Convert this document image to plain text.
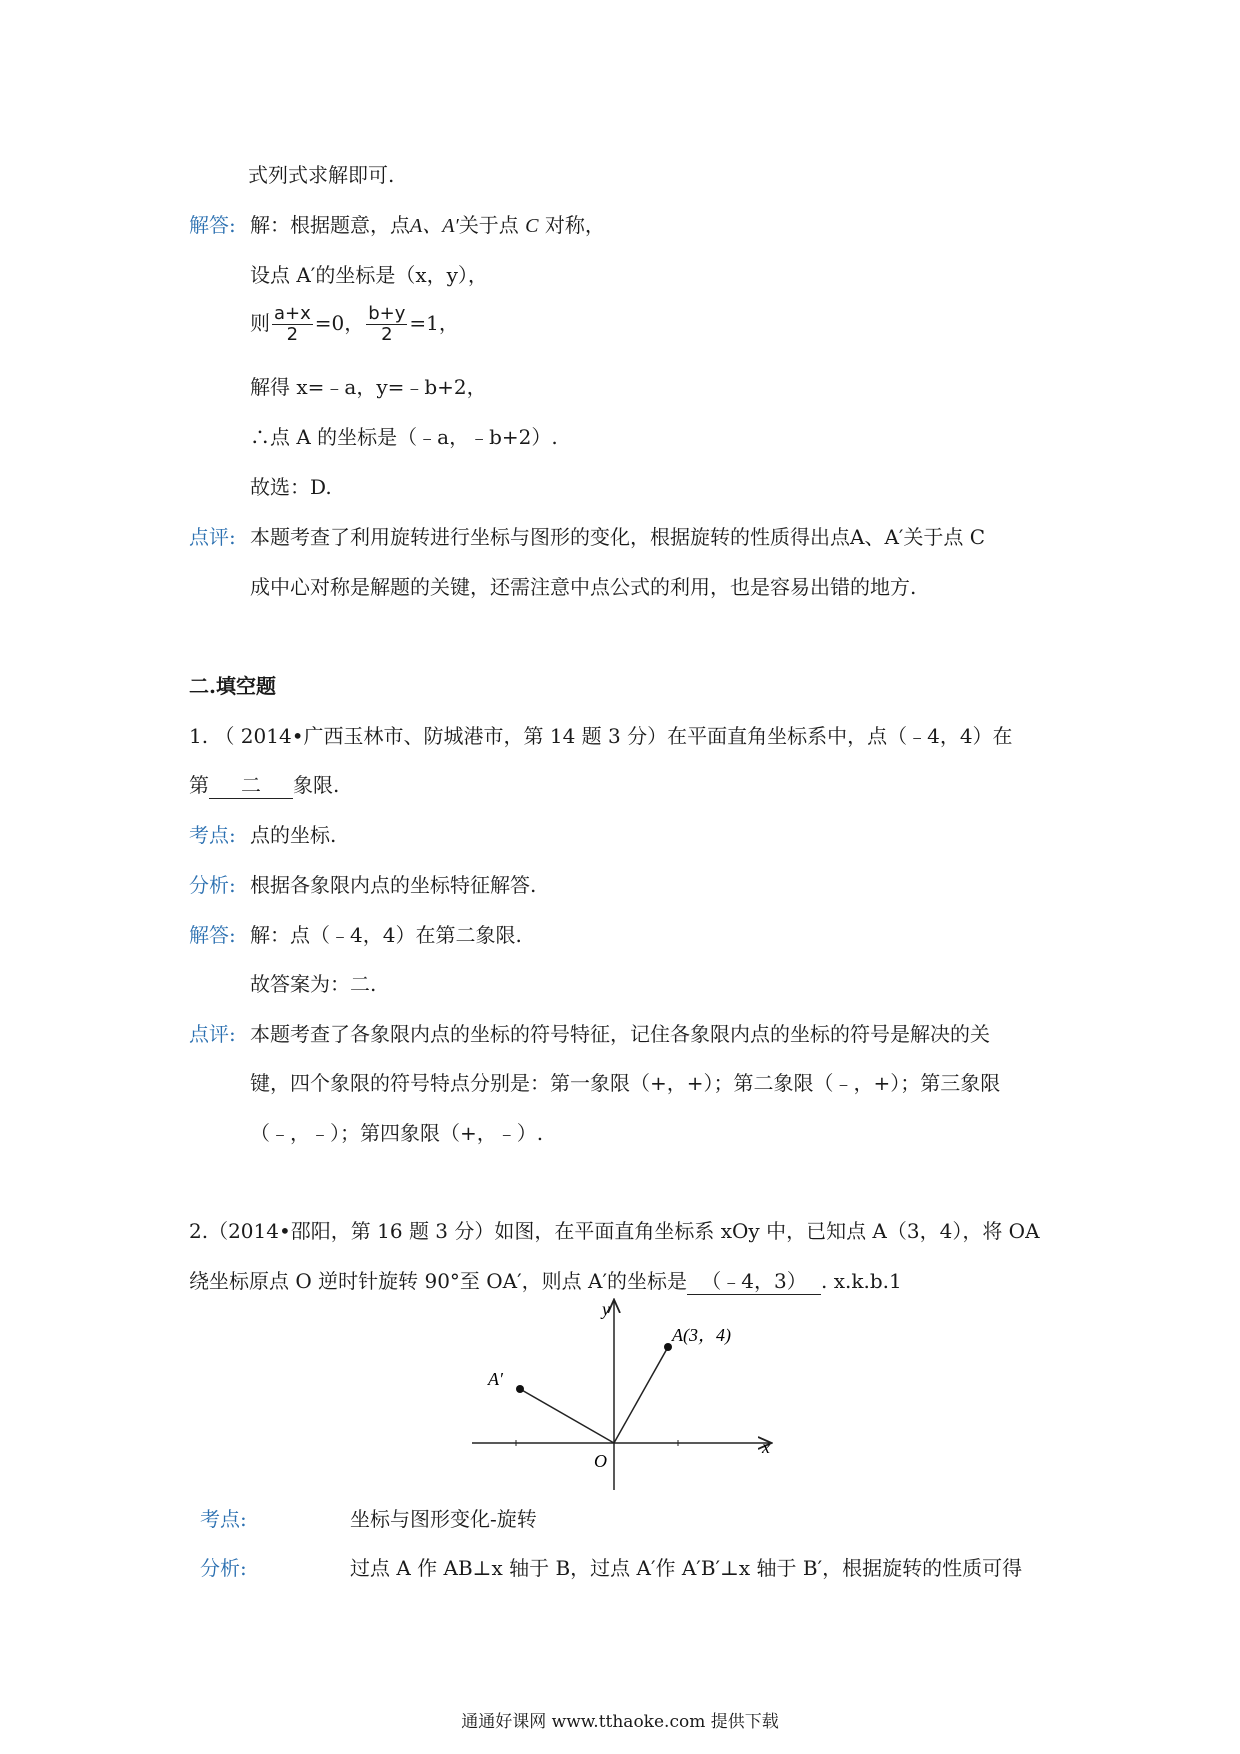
式列式求解即可.
解答: 解：根据题意，点A、A′关于点 C 对称，
设点 A′的坐标是（x，y），
则 $\frac{a+x}{2} =0$， $\frac{b+y}{2} =1$，
解得 x=﹣a，y=﹣b+2，
∴点 A 的坐标是（﹣a，﹣b+2）.
故选：D.
点评: 本题考查了利用旋转进行坐标与图形的变化，根据旋转的性质得出点A、A′关于点 C
成中心对称是解题的关键，还需注意中点公式的利用，也是容易出错的地方.
二.填空题
1. （ 2014•广西玉林市、防城港市，第 14 题 3 分）在平面直角坐标系中，点（﹣4，4）在
第 二 象限.
考点: 点的坐标.
分析: 根据各象限内点的坐标特征解答.
解答: 解：点（﹣4，4）在第二象限.
故答案为：二.
点评: 本题考查了各象限内点的坐标的符号特征，记住各象限内点的坐标的符号是解决的关
键，四个象限的符号特点分别是：第一象限（+，+）；第二象限（﹣，+）；第三象限
（﹣，﹣）；第四象限（+，﹣）.
2.（2014•邵阳，第 16 题 3 分）如图，在平面直角坐标系 xOy 中，已知点 A（3，4），将 OA
绕坐标原点 O 逆时针旋转 90°至 OA′，则点 A′的坐标是 （﹣4，3） . x.k.b.1
y
x
O
A(3，4)
A′
考点:	坐标与图形变化-旋转
分析:	过点 A 作 AB⊥x 轴于 B，过点 A′作 A′B′⊥x 轴于 B′，根据旋转的性质可得
通通好课网 www.tthaoke.com 提供下载
